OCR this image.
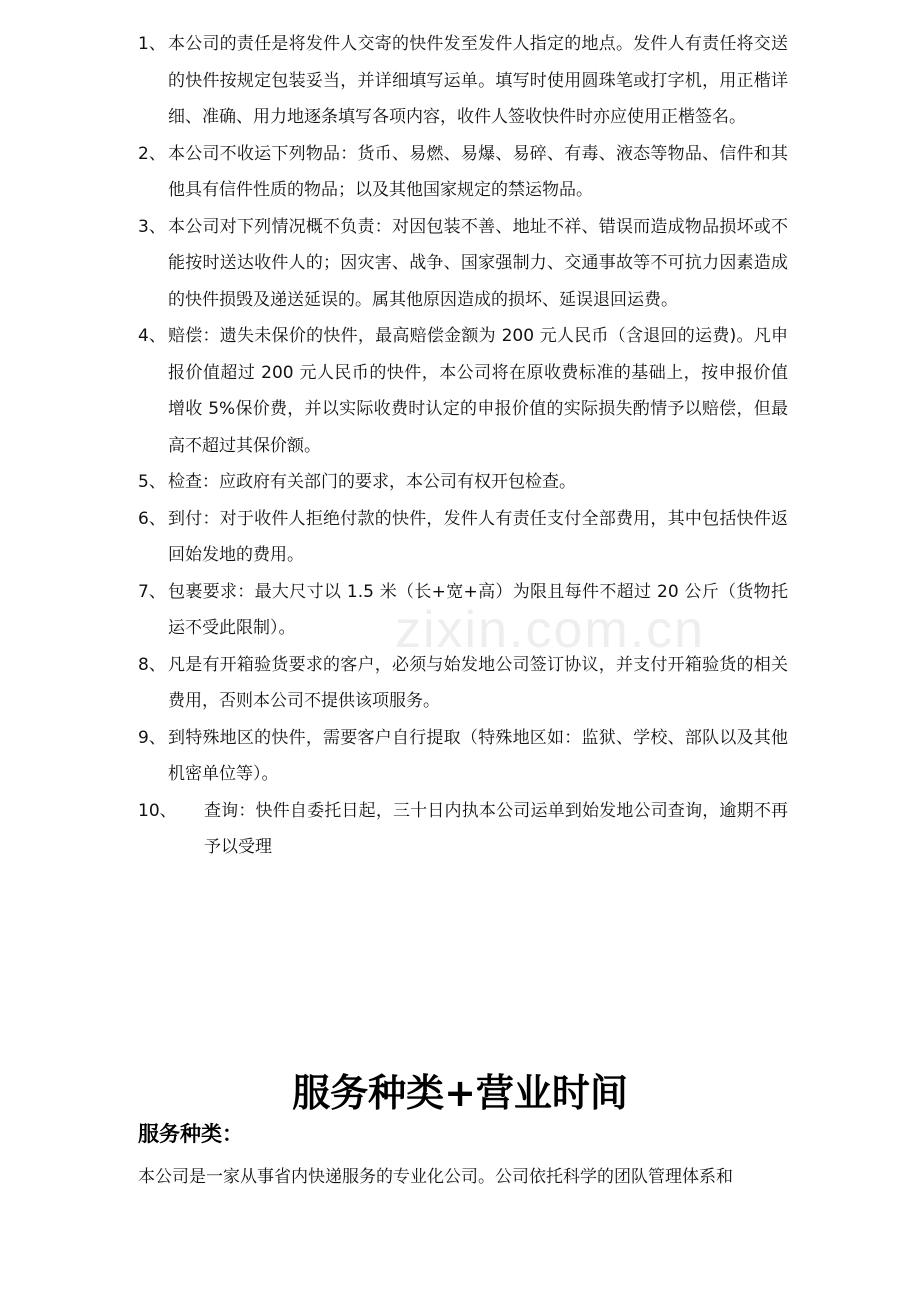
1、 本公司的责任是将发件人交寄的快件发至发件人指定的地点。发件人有责任将交送的快件按规定包装妥当，并详细填写运单。填写时使用圆珠笔或打字机，用正楷详细、准确、用力地逐条填写各项内容，收件人签收快件时亦应使用正楷签名。
2、 本公司不收运下列物品：货币、易燃、易爆、易碎、有毒、液态等物品、信件和其他具有信件性质的物品；以及其他国家规定的禁运物品。
3、 本公司对下列情况概不负责：对因包装不善、地址不祥、错误而造成物品损坏或不能按时送达收件人的；因灾害、战争、国家强制力、交通事故等不可抗力因素造成的快件损毁及递送延误的。属其他原因造成的损坏、延误退回运费。
4、 赔偿：遗失未保价的快件，最高赔偿金额为 200 元人民币（含退回的运费)。凡申报价值超过 200 元人民币的快件，本公司将在原收费标准的基础上，按申报价值增收 5%保价费，并以实际收费时认定的申报价值的实际损失酌情予以赔偿，但最高不超过其保价额。
5、 检查：应政府有关部门的要求，本公司有权开包检查。
6、 到付：对于收件人拒绝付款的快件，发件人有责任支付全部费用，其中包括快件返回始发地的费用。
7、 包裹要求：最大尺寸以 1.5 米（长+宽+高）为限且每件不超过 20 公斤（货物托运不受此限制）。
8、 凡是有开箱验货要求的客户，必须与始发地公司签订协议，并支付开箱验货的相关费用，否则本公司不提供该项服务。
9、 到特殊地区的快件，需要客户自行提取（特殊地区如：监狱、学校、部队以及其他机密单位等）。
10、	查询：快件自委托日起，三十日内执本公司运单到始发地公司查询，逾期不再予以受理
zixin.com.cn
服务种类+营业时间
服务种类：

本公司是一家从事省内快递服务的专业化公司。公司依托科学的团队管理体系和
